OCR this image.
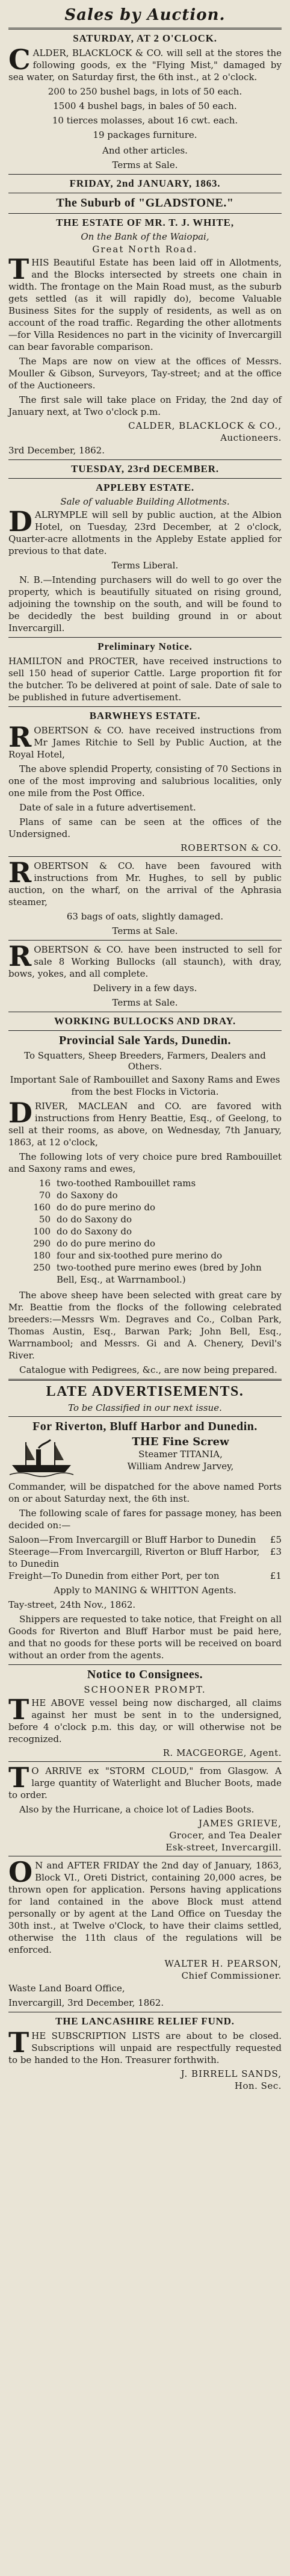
Sales by Auction.
SATURDAY, AT 2 O'CLOCK.

CALDER, BLACKLOCK & CO. will sell at the stores the following goods, ex the "Flying Mist," damaged by sea water, on Saturday first, the 6th inst., at 2 o'clock.

200 to 250 bushel bags, in lots of 50 each.

1500 4 bushel bags, in bales of 50 each.

10 tierces molasses, about 16 cwt. each.

19 packages furniture.

And other articles.

Terms at Sale.

FRIDAY, 2nd JANUARY, 1863.
The Suburb of "GLADSTONE."
THE ESTATE OF MR. T. J. WHITE,
On the Bank of the Waiopai,
Great North Road.

THIS Beautiful Estate has been laid off in Allotments, and the Blocks intersected by streets one chain in width. The frontage on the Main Road must, as the suburb gets settled (as it will rapidly do), become Valuable Business Sites for the supply of residents, as well as on account of the road traffic. Regarding the other allotments—for Villa Residences no part in the vicinity of Invercargill can bear favorable comparison.

The Maps are now on view at the offices of Messrs. Mouller & Gibson, Surveyors, Tay-street; and at the office of the Auctioneers.

The first sale will take place on Friday, the 2nd day of January next, at Two o'clock p.m.

CALDER, BLACKLOCK & CO.,
Auctioneers.

3rd December, 1862.

TUESDAY, 23rd DECEMBER.
APPLEBY ESTATE.
Sale of valuable Building Allotments.

DALRYMPLE will sell by public auction, at the Albion Hotel, on Tuesday, 23rd December, at 2 o'clock, Quarter-acre allotments in the Appleby Estate applied for previous to that date.

Terms Liberal.

N. B.—Intending purchasers will do well to go over the property, which is beautifully situated on rising ground, adjoining the township on the south, and will be found to be decidedly the best building ground in or about Invercargill.

Preliminary Notice.

HAMILTON and PROCTER, have received instructions to sell 150 head of superior Cattle. Large proportion fit for the butcher. To be delivered at point of sale. Date of sale to be published in future advertisement.

BARWHEYS ESTATE.

ROBERTSON & CO. have received instructions from Mr James Ritchie to Sell by Public Auction, at the Royal Hotel,

The above splendid Property, consisting of 70 Sections in one of the most improving and salubrious localities, only one mile from the Post Office.

Date of sale in a future advertisement.

Plans of same can be seen at the offices of the Undersigned.

ROBERTSON & CO.

ROBERTSON & CO. have been favoured with instructions from Mr. Hughes, to sell by public auction, on the wharf, on the arrival of the Aphrasia steamer,

63 bags of oats, slightly damaged.

Terms at Sale.

ROBERTSON & CO. have been instructed to sell for sale 8 Working Bullocks (all staunch), with dray, bows, yokes, and all complete.

Delivery in a few days.

Terms at Sale.

WORKING BULLOCKS AND DRAY.
Provincial Sale Yards, Dunedin.
To Squatters, Sheep Breeders, Farmers, Dealers and Others.

Important Sale of Rambouillet and Saxony Rams and Ewes from the best Flocks in Victoria.

DRIVER, MACLEAN and CO. are favored with instructions from Henry Beattie, Esq., of Geelong, to sell at their rooms, as above, on Wednesday, 7th January, 1863, at 12 o'clock,

The following lots of very choice pure bred Rambouillet and Saxony rams and ewes,

16 two-toothed Rambouillet rams
70 do Saxony do
160 do do pure merino do
50 do do Saxony do
100 do do Saxony do
290 do do pure merino do
180 four and six-toothed pure merino do
250 two-toothed pure merino ewes (bred by John Bell, Esq., at Warrnambool.)

The above sheep have been selected with great care by Mr. Beattie from the flocks of the following celebrated breeders:—Messrs Wm. Degraves and Co., Colban Park, Thomas Austin, Esq., Barwan Park; John Bell, Esq., Warrnambool; and Messrs. Gi and A. Chenery, Devil's River.

Catalogue with Pedigrees, &c., are now being prepared.

LATE ADVERTISEMENTS.
To be Classified in our next issue.
For Riverton, Bluff Harbor and Dunedin.
THE Fine Screw
Steamer TITANIA,
William Andrew Jarvey,

Commander, will be dispatched for the above named Ports on or about Saturday next, the 6th inst.

The following scale of fares for passage money, has been decided on:—

Saloon—From Invercargill or Bluff Harbor to Dunedin £5
Steerage—From Invercargill, Riverton or Bluff Harbor, to Dunedin
£3
Freight—To Dunedin from either Port, per ton	£1

Apply to MANING & WHITTON Agents.

Tay-street, 24th Nov., 1862.

Shippers are requested to take notice, that Freight on all Goods for Riverton and Bluff Harbor must be paid here, and that no goods for these ports will be received on board without an order from the agents.

Notice to Consignees.
SCHOONER PROMPT.

THE ABOVE vessel being now discharged, all claims against her must be sent in to the undersigned, before 4 o'clock p.m. this day, or will otherwise not be recognized.

R. MACGEORGE, Agent.

TO ARRIVE ex "STORM CLOUD," from Glasgow. A large quantity of Waterlight and Blucher Boots, made to order.

Also by the Hurricane, a choice lot of Ladies Boots.

JAMES GRIEVE,
Grocer, and Tea Dealer
Esk-street, Invercargill.

ON and AFTER FRIDAY the 2nd day of January, 1863, Block VI., Oreti District, containing 20,000 acres, be thrown open for application. Persons having applications for land contained in the above Block must attend personally or by agent at the Land Office on Tuesday the 30th inst., at Twelve o'Clock, to have their claims settled, otherwise the 11th claus of the regulations will be enforced.

WALTER H. PEARSON,
Chief Commissioner.

Waste Land Board Office,

Invercargill, 3rd December, 1862.

THE LANCASHIRE RELIEF FUND.

THE SUBSCRIPTION LISTS are about to be closed. Subscriptions will unpaid are respectfully requested to be handed to the Hon. Treasurer forthwith.

J. BIRRELL SANDS,
Hon. Sec.
